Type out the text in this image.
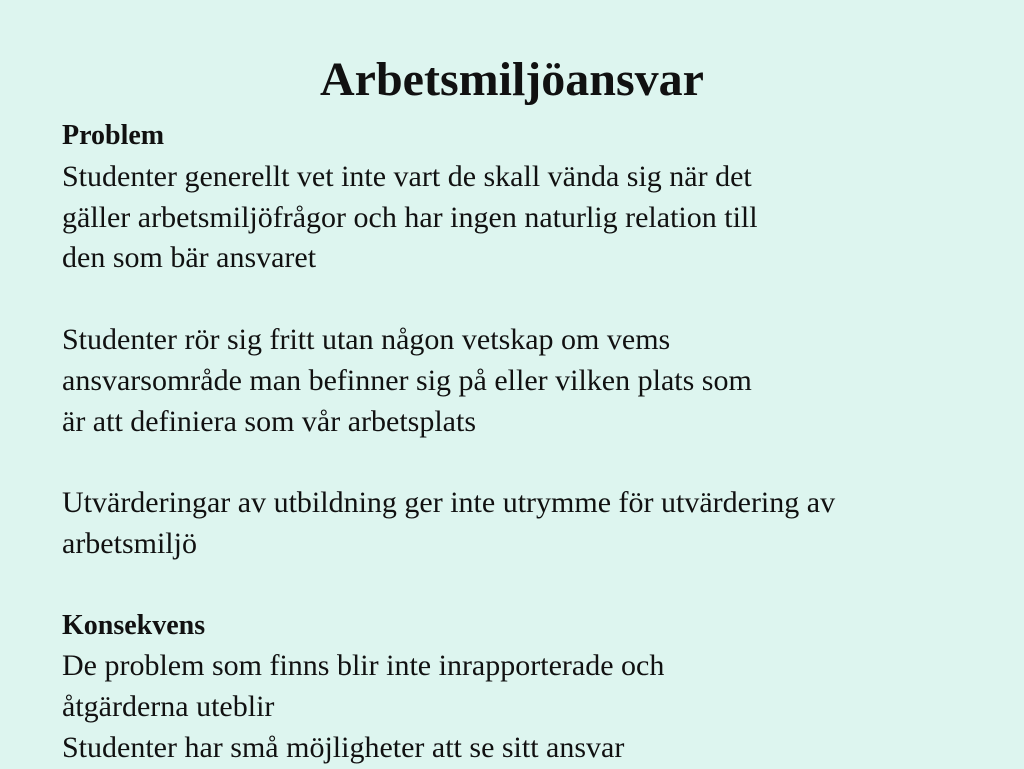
Arbetsmiljöansvar
Problem
Studenter generellt vet inte vart de skall vända sig när det
gäller arbetsmiljöfrågor och har ingen naturlig relation till
den som bär ansvaret
Studenter rör sig fritt utan någon vetskap om vems
ansvarsområde man befinner sig på eller vilken plats som
är att definiera som vår arbetsplats
Utvärderingar av utbildning ger inte utrymme för utvärdering av
arbetsmiljö
Konsekvens
De problem som finns blir inte inrapporterade och
åtgärderna uteblir
Studenter har små möjligheter att se sitt ansvar
